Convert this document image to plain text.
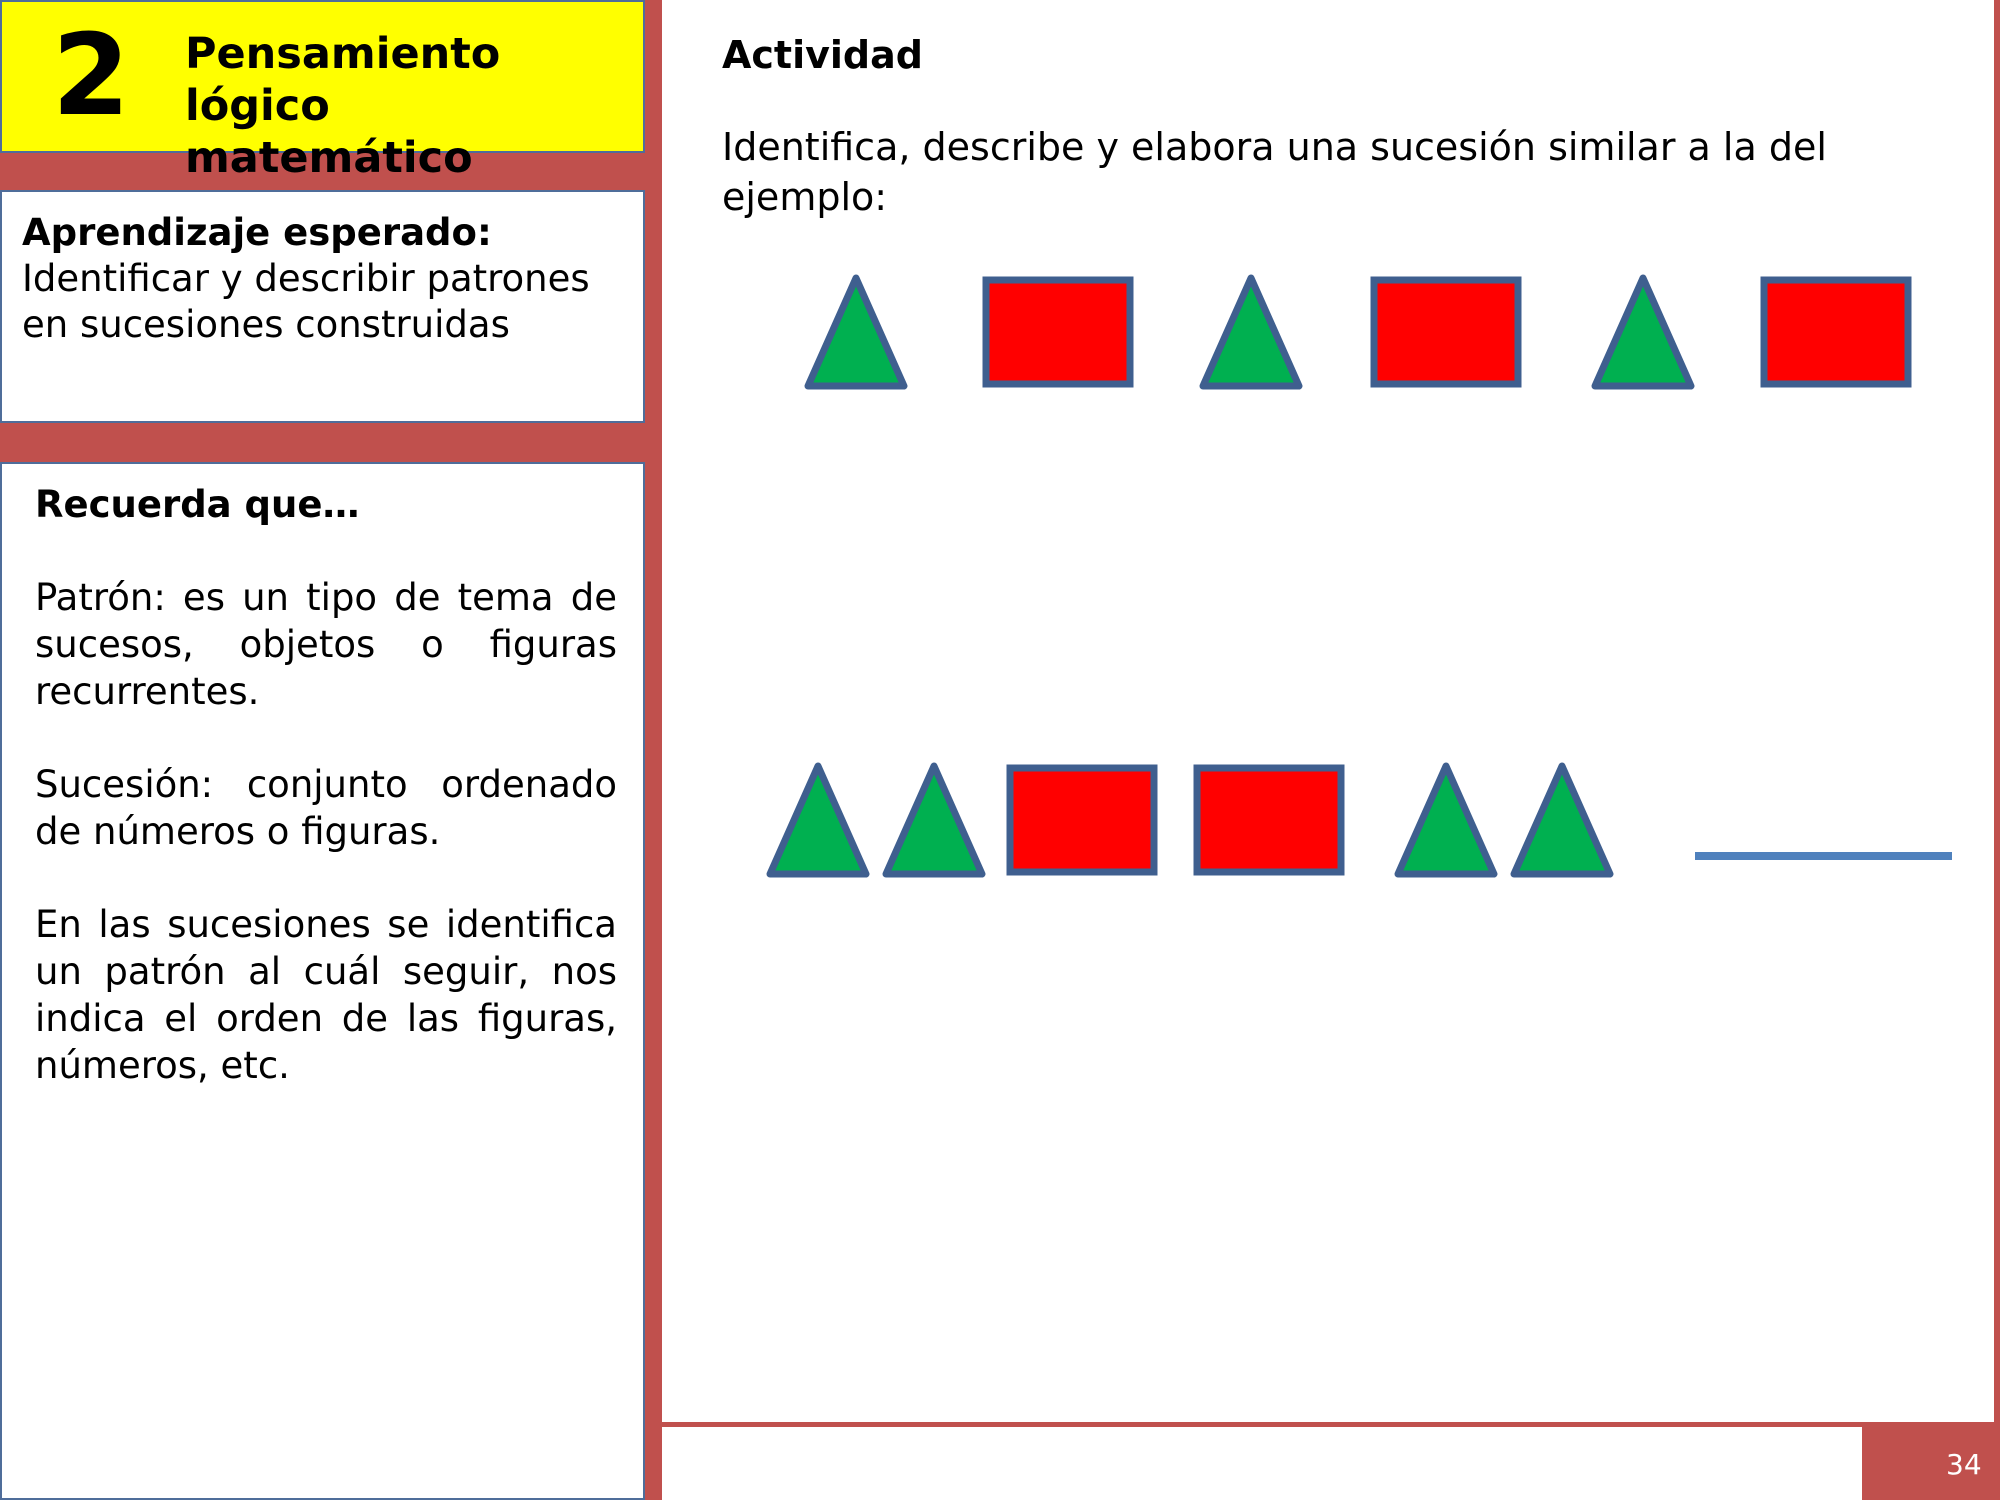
2 Pensamiento lógico matemático
Aprendizaje esperado:
Identificar y describir patrones en sucesiones construidas
Recuerda que…
Patrón: es un tipo de tema de sucesos, objetos o figuras recurrentes.
Sucesión: conjunto ordenado de números o figuras.
En las sucesiones se identifica un patrón al cuál seguir, nos indica el orden de las figuras, números, etc.
34
Actividad
Identifica, describe y elabora una sucesión similar a la del ejemplo:
